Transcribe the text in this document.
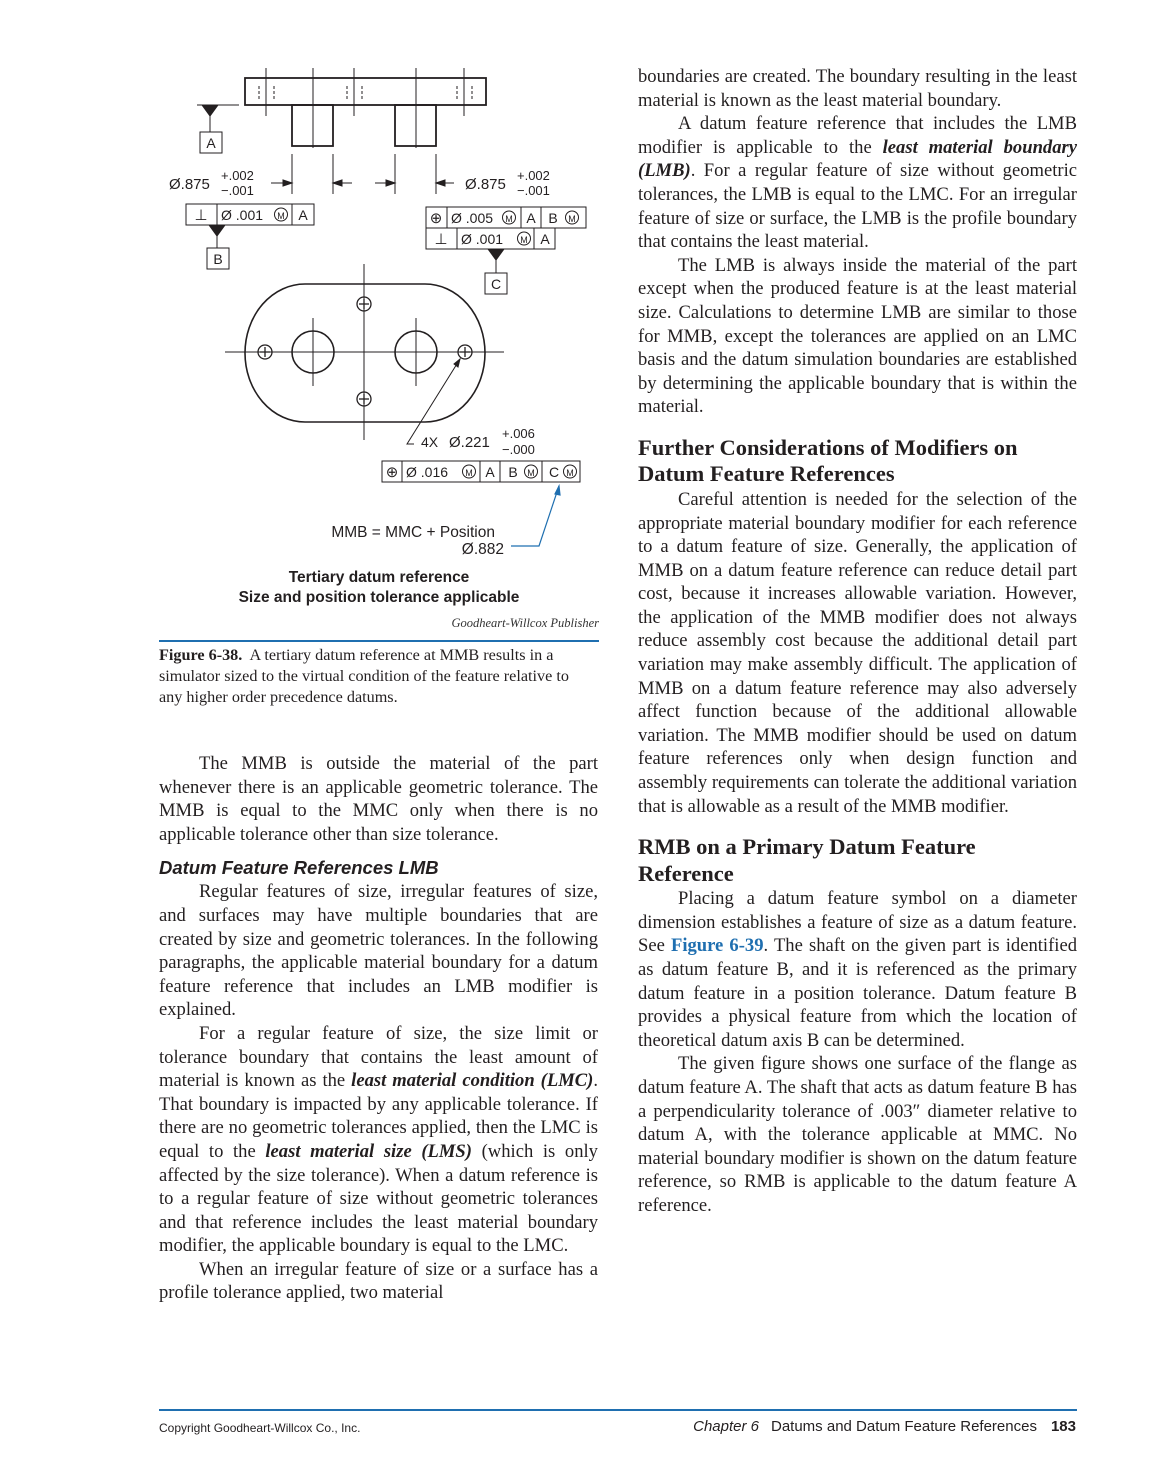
A
Ø.875
+.002
−.001	Ø.875
+.002
−.001
⊥ Ø .001 M A
B
⊕ Ø .005 M A B M
⊥ Ø .001 M A
C
4X Ø.221
+.006
−.000
⊕ Ø .016 M A B M C M
MMB = MMC + Position
Ø.882
Tertiary datum reference
Size and position tolerance applicable
Goodheart-Willcox Publisher
Figure 6-38. A tertiary datum reference at MMB results in a simulator sized to the virtual condition of the feature relative to any higher order precedence datums.

The MMB is outside the material of the part whenever there is an applicable geometric tolerance. The MMB is equal to the MMC only when there is no applicable tolerance other than size tolerance.

Datum Feature References LMB

Regular features of size, irregular features of size, and surfaces may have multiple boundaries that are created by size and geometric tolerances. In the following paragraphs, the applicable material boundary for a datum feature reference that includes an LMB modifier is explained.

For a regular feature of size, the size limit or tolerance boundary that contains the least amount of material is known as the least material condition (LMC). That boundary is impacted by any applicable tolerance. If there are no geometric tolerances applied, then the LMC is equal to the least material size (LMS) (which is only affected by the size tolerance). When a datum reference is to a regular feature of size without geometric tolerances and that reference includes the least material boundary modifier, the applicable boundary is equal to the LMC.

When an irregular feature of size or a surface has a profile tolerance applied, two material

boundaries are created. The boundary resulting in the least material is known as the least material boundary.

A datum feature reference that includes the LMB modifier is applicable to the least material boundary (LMB). For a regular feature of size without geometric tolerances, the LMB is equal to the LMC. For an irregular feature of size or surface, the LMB is the profile boundary that contains the least material.

The LMB is always inside the material of the part except when the produced feature is at the least material size. Calculations to determine LMB are similar to those for MMB, except the tolerances are applied on an LMC basis and the datum simulation boundaries are established by determining the applicable boundary that is within the material.

Further Considerations of Modifiers on Datum Feature References

Careful attention is needed for the selection of the appropriate material boundary modifier for each reference to a datum feature of size. Generally, the application of MMB on a datum feature reference can reduce detail part cost, because it increases allowable variation. However, the application of the MMB modifier does not always reduce assembly cost because the additional detail part variation may make assembly difficult. The application of MMB on a datum feature reference may also adversely affect function because of the additional allowable variation. The MMB modifier should be used on datum feature references only when design function and assembly requirements can tolerate the additional variation that is allowable as a result of the MMB modifier.

RMB on a Primary Datum Feature Reference

Placing a datum feature symbol on a diameter dimension establishes a feature of size as a datum feature. See Figure 6-39. The shaft on the given part is identified as datum feature B, and it is referenced as the primary datum feature in a position tolerance. Datum feature B provides a physical feature from which the location of theoretical datum axis B can be determined.

The given figure shows one surface of the flange as datum feature A. The shaft that acts as datum feature B has a perpendicularity tolerance of .003″ diameter relative to datum A, with the tolerance applicable at MMC. No material boundary modifier is shown on the datum feature reference, so RMB is applicable to the datum feature A reference.

Copyright Goodheart-Willcox Co., Inc.	Chapter 6 Datums and Datum Feature References 183
